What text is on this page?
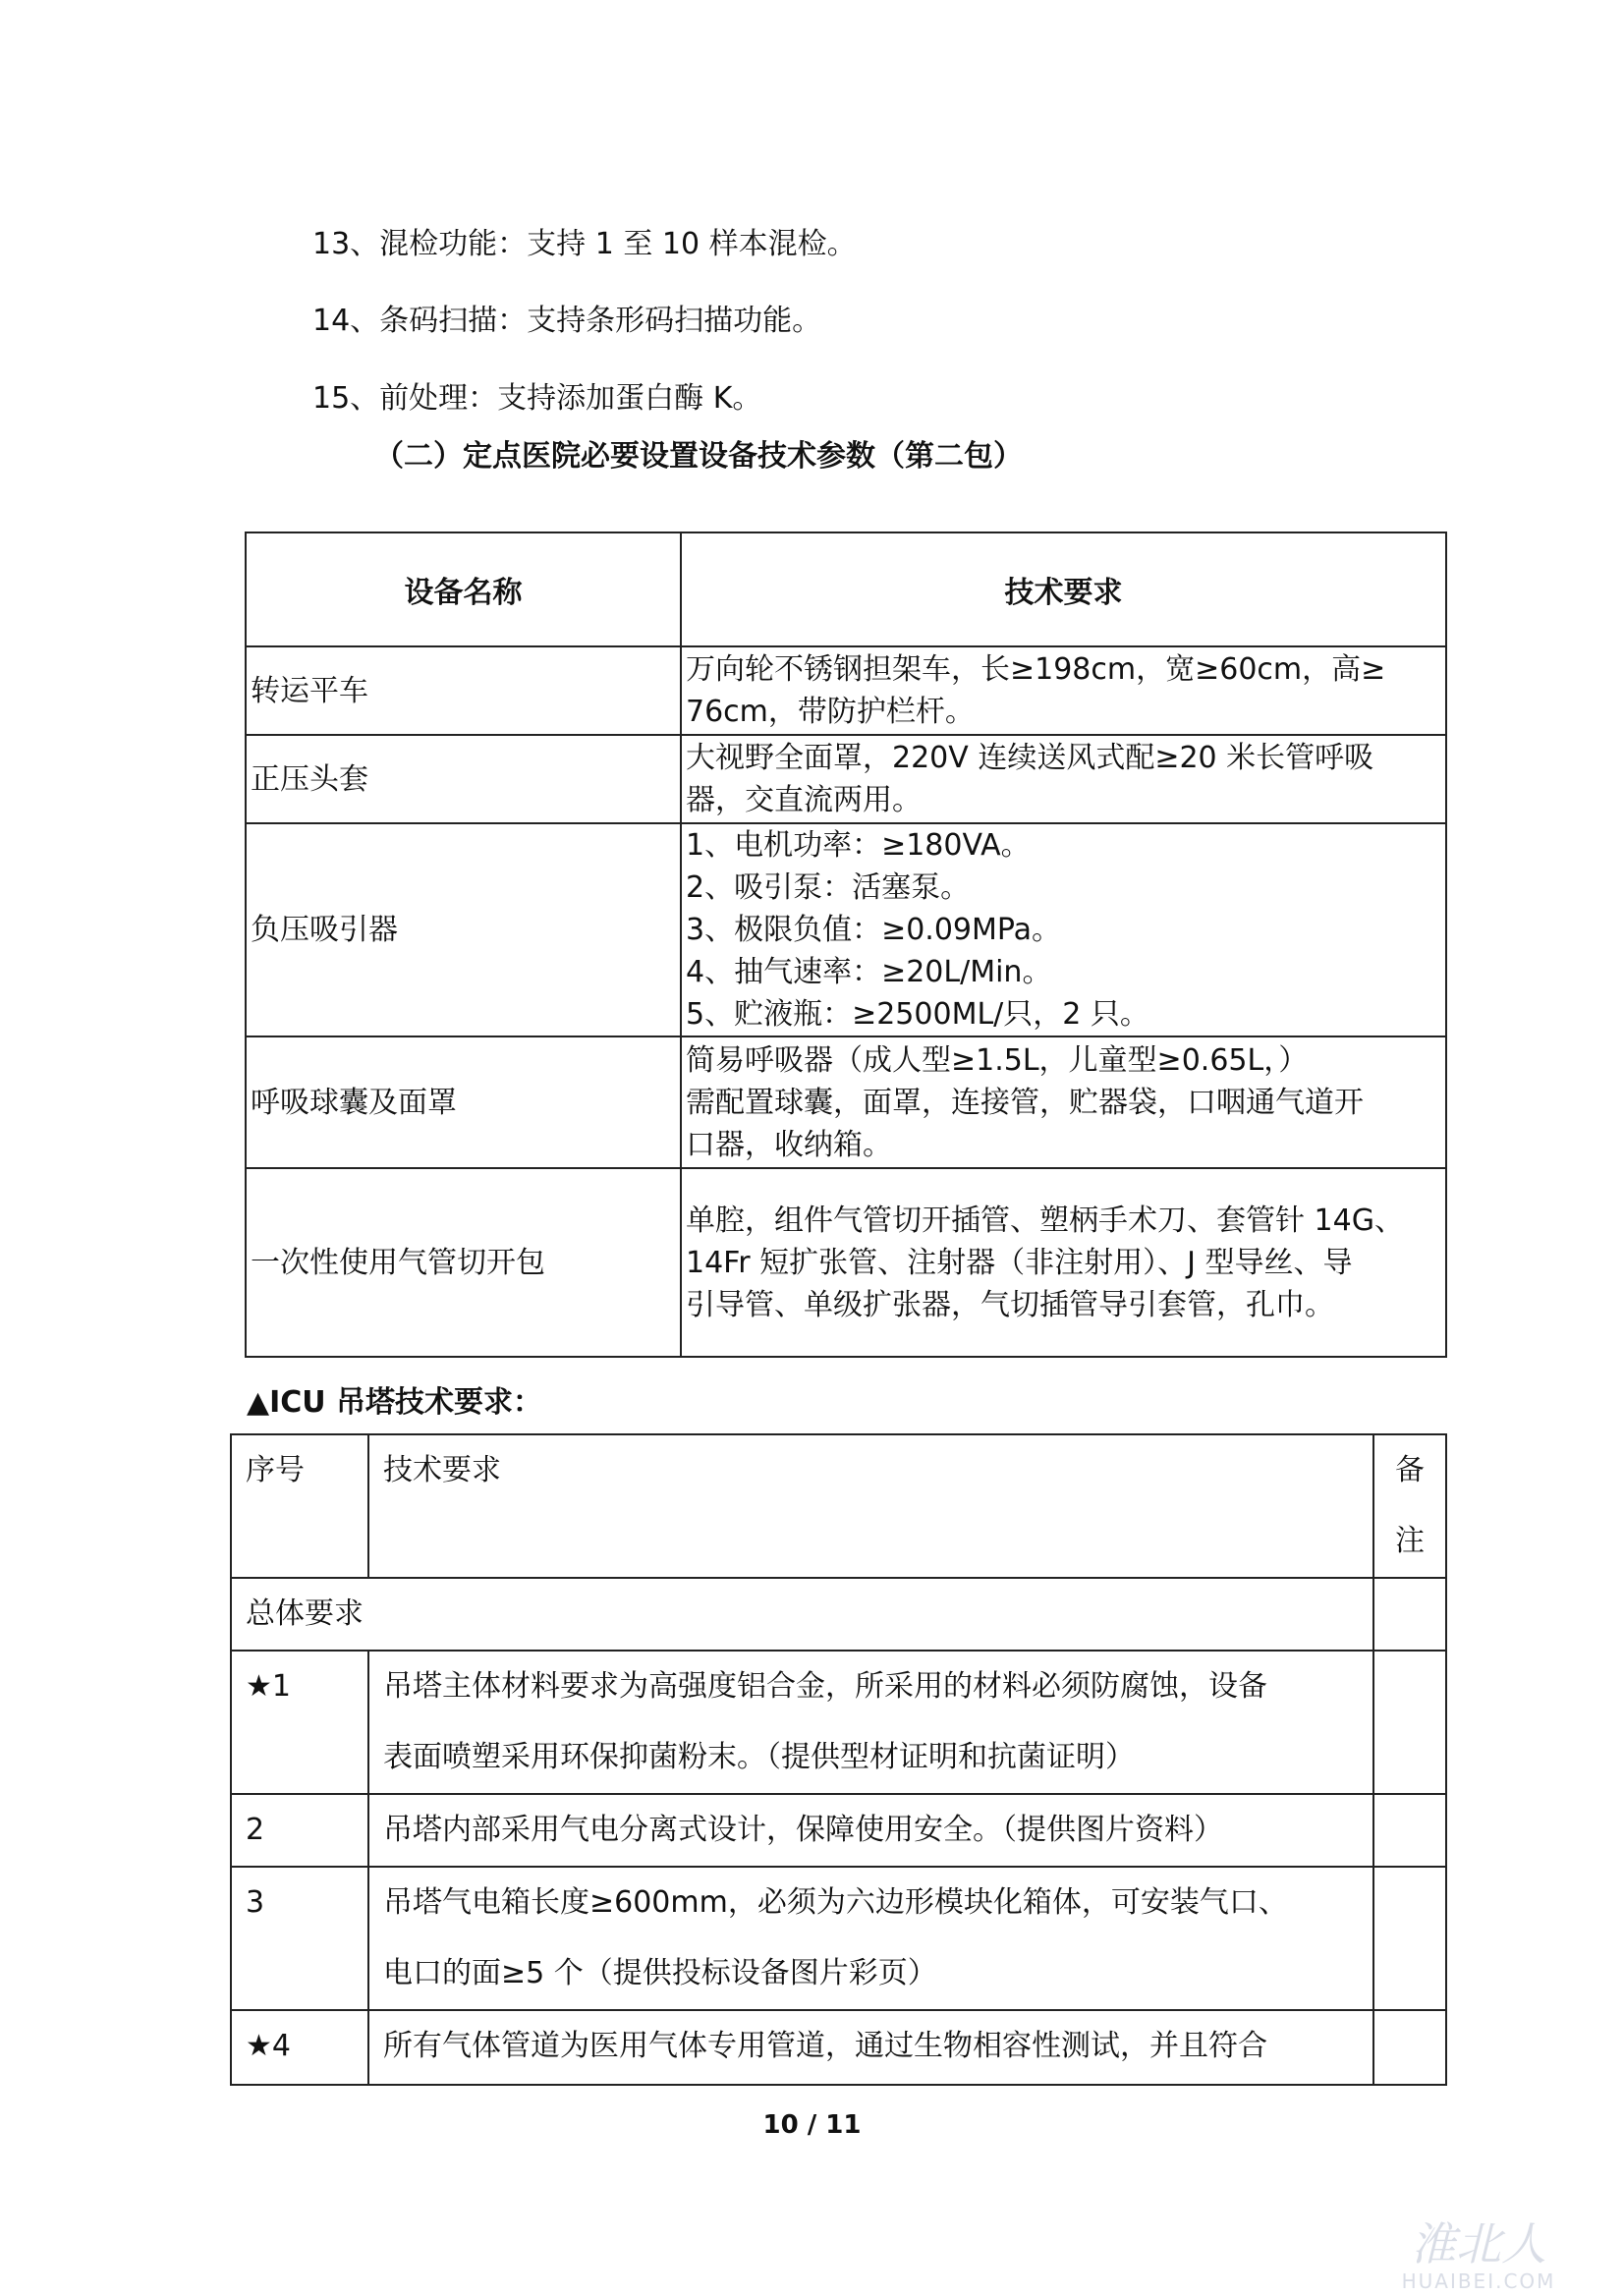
13、混检功能：支持 1 至 10 样本混检。
14、条码扫描：支持条形码扫描功能。
15、前处理：支持添加蛋白酶 K。
（二）定点医院必要设置设备技术参数（第二包）
设备名称	技术要求
转运平车	万向轮不锈钢担架车，长≥198cm，宽≥60cm，高≥
76cm，带防护栏杆。

正压头套	大视野全面罩，220V 连续送风式配≥20 米长管呼吸
器，交直流两用。

负压吸引器	1、电机功率：≥180VA。
2、吸引泵：活塞泵。
3、极限负值：≥0.09MPa。
4、抽气速率：≥20L/Min。
5、贮液瓶：≥2500ML/只，2 只。

呼吸球囊及面罩	简易呼吸器（成人型≥1.5L，儿童型≥0.65L，）
需配置球囊，面罩，连接管，贮器袋，口咽通气道开
口器，收纳箱。

一次性使用气管切开包	单腔，组件气管切开插管、塑柄手术刀、套管针 14G、
14Fr 短扩张管、注射器（非注射用）、J 型导丝、导
引导管、单级扩张器，气切插管导引套管，孔巾。
▲ICU 吊塔技术要求：
序号	技术要求	备
注

总体要求		
★1	吊塔主体材料要求为高强度铝合金，所采用的材料必须防腐蚀，设备
表面喷塑采用环保抑菌粉末。（提供型材证明和抗菌证明）	

2	吊塔内部采用气电分离式设计，保障使用安全。（提供图片资料）	

3	吊塔气电箱长度≥600mm，必须为六边形模块化箱体，可安装气口、
电口的面≥5 个（提供投标设备图片彩页）	

★4	所有气体管道为医用气体专用管道，通过生物相容性测试，并且符合	

10 / 11
淮北人
HUAIBEI.COM
